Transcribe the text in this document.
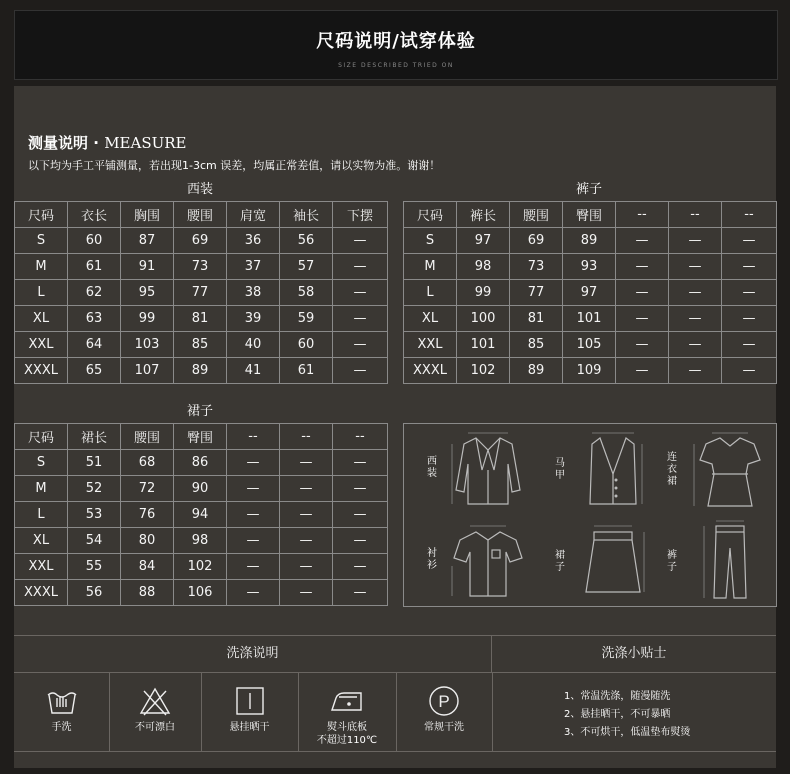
尺码说明/试穿体验
SIZE DESCRIBED TRIED ON
测量说明 · MEASURE
以下均为手工平铺测量，若出现1-3cm 误差，均属正常差值，请以实物为准。谢谢！
西装
尺码	衣长	胸围	腰围	肩宽	袖长	下摆
S	60	87	69	36	56	—
M	61	91	73	37	57	—
L	62	95	77	38	58	—
XL	63	99	81	39	59	—
XXL	64	103	85	40	60	—
XXXL	65	107	89	41	61	—
裤子
尺码	裤长	腰围	臀围	--	--	--
S	97	69	89	—	—	—
M	98	73	93	—	—	—
L	99	77	97	—	—	—
XL	100	81	101	—	—	—
XXL	101	85	105	—	—	—
XXXL	102	89	109	—	—	—
裙子
尺码	裙长	腰围	臀围	--	--	--
S	51	68	86	—	—	—
M	52	72	90	—	—	—
L	53	76	94	—	—	—
XL	54	80	98	—	—	—
XXL	55	84	102	—	—	—
XXXL	56	88	106	—	—	—
西装
马甲
连衣裙
衬衫
裙子
裤子
洗涤说明	洗涤小贴士
手洗	不可漂白	悬挂晒干	熨斗底板
不超过110℃
P
常规干洗
1、常温洗涤，随漫随洗
2、悬挂晒干，不可暴晒
3、不可烘干，低温垫布熨烫
